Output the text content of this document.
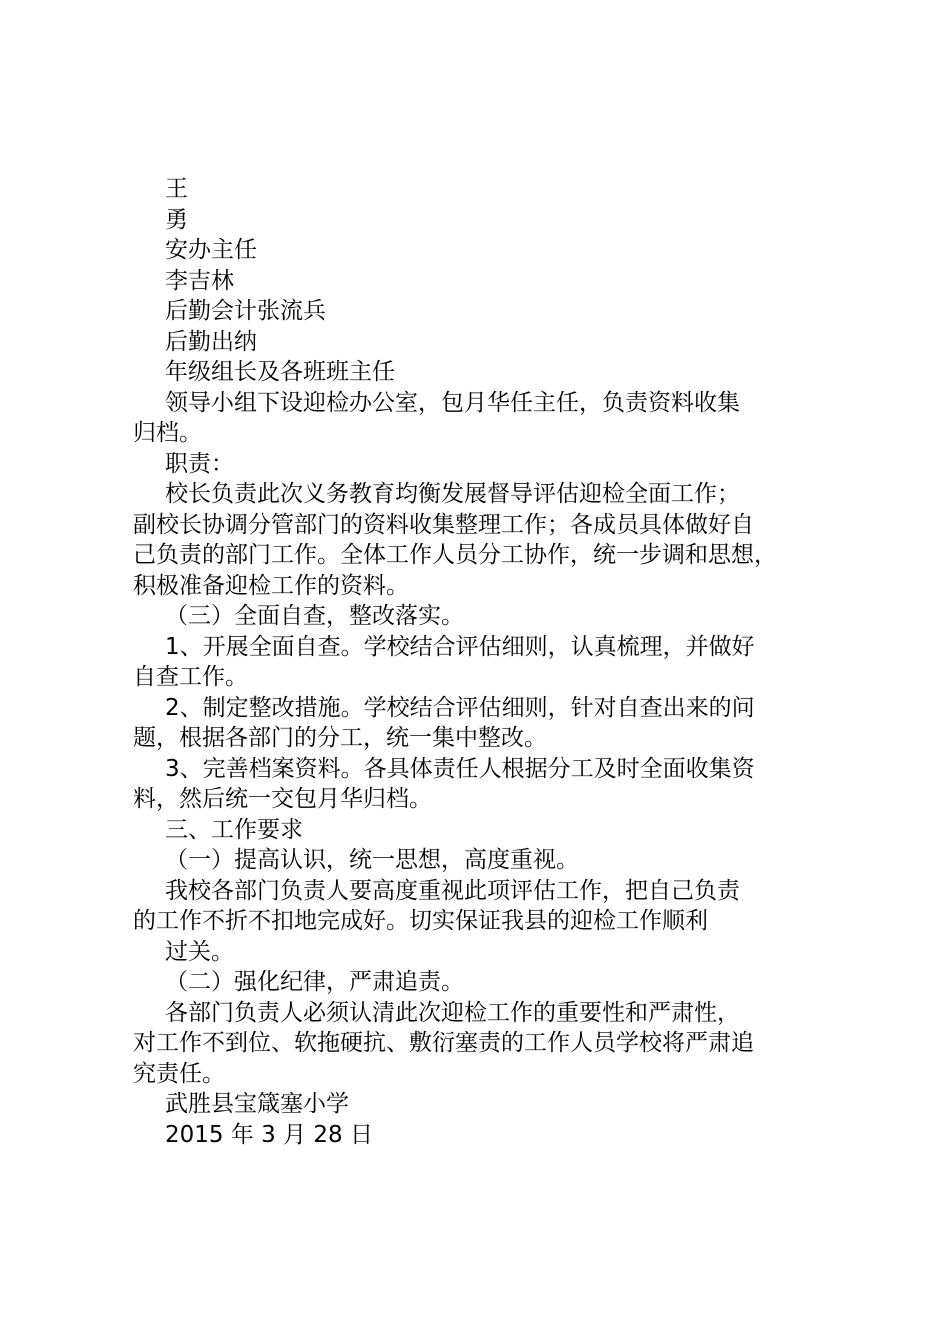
王
勇
安办主任
李吉林
后勤会计张流兵
后勤出纳
年级组长及各班班主任
领导小组下设迎检办公室，包月华任主任，负责资料收集
归档。
职责：
校长负责此次义务教育均衡发展督导评估迎检全面工作；
副校长协调分管部门的资料收集整理工作；各成员具体做好自
己负责的部门工作。全体工作人员分工协作，统一步调和思想，
积极准备迎检工作的资料。
（三）全面自查，整改落实。
1、开展全面自查。学校结合评估细则，认真梳理，并做好
自查工作。
2、制定整改措施。学校结合评估细则，针对自查出来的问
题，根据各部门的分工，统一集中整改。
3、完善档案资料。各具体责任人根据分工及时全面收集资
料，然后统一交包月华归档。
三、工作要求
（一）提高认识，统一思想，高度重视。
我校各部门负责人要高度重视此项评估工作，把自己负责
的工作不折不扣地完成好。切实保证我县的迎检工作顺利
过关。
（二）强化纪律，严肃追责。
各部门负责人必须认清此次迎检工作的重要性和严肃性，
对工作不到位、软拖硬抗、敷衍塞责的工作人员学校将严肃追
究责任。
武胜县宝箴塞小学
2015 年 3 月 28 日
